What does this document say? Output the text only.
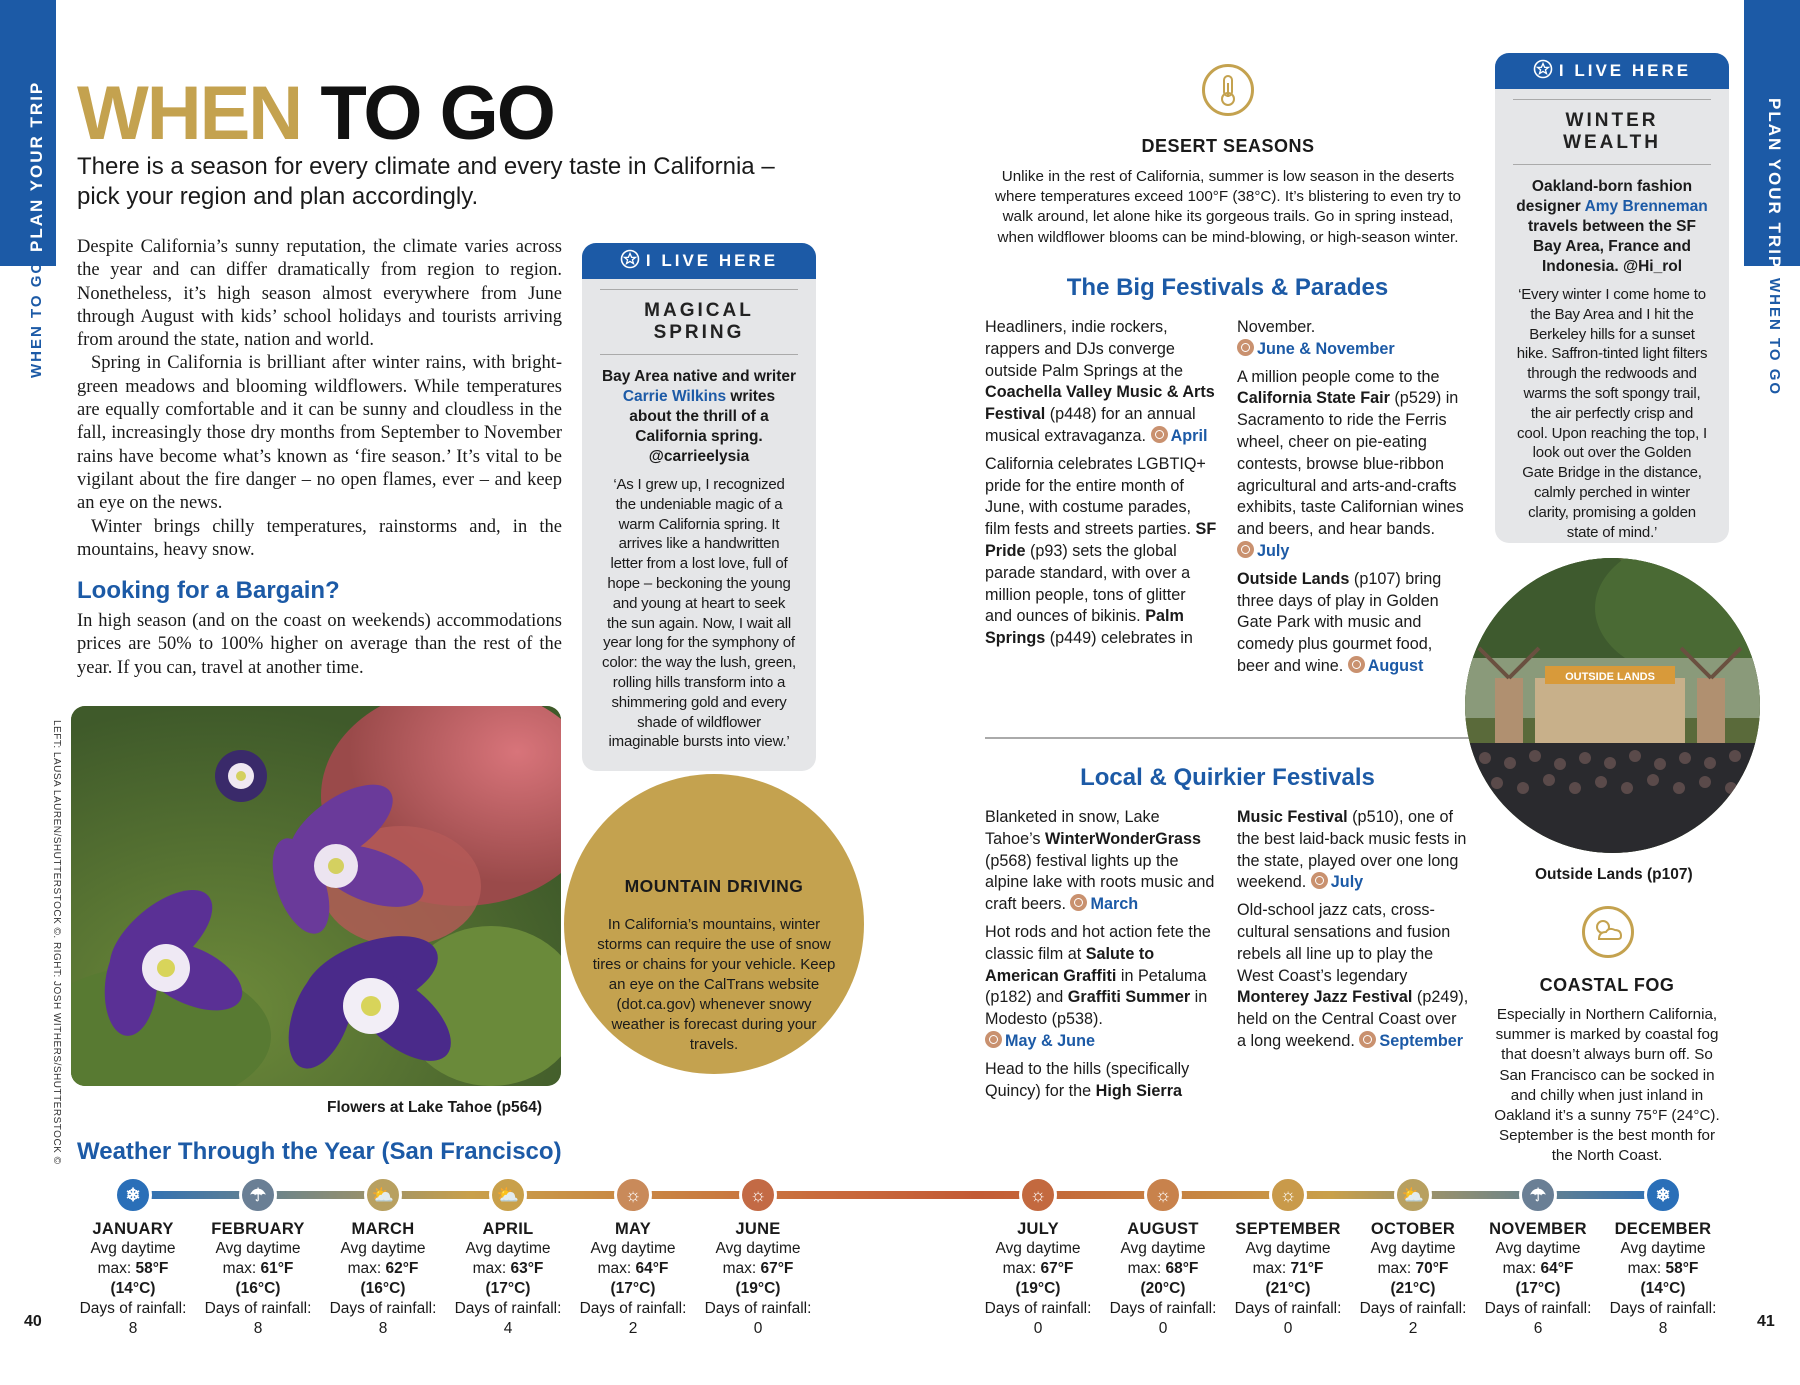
PLAN YOUR TRIP
WHEN TO GO
PLAN YOUR TRIP
WHEN TO GO
WHEN TO GO
There is a season for every climate and every taste in California – pick your region and plan accordingly.

Despite California’s sunny reputation, the climate varies across the year and can differ dramatically from region to region. Nonetheless, it’s high season almost everywhere from June through August with kids’ school holidays and tourists arriving from around the state, nation and world.

Spring in California is brilliant after winter rains, with bright-green meadows and blooming wildflowers. While temperatures are equally comfortable and it can be sunny and cloudless in the fall, increasingly those dry months from September to November rains have become what’s known as ‘fire season.’ It’s vital to be vigilant about the fire danger – no open flames, ever – and keep an eye on the news.

Winter brings chilly temperatures, rainstorms and, in the mountains, heavy snow.

Looking for a Bargain?

In high season (and on the coast on weekends) accommodations prices are 50% to 100% higher on average than the rest of the year. If you can, travel at another time.

I LIVE HERE
MAGICAL SPRING
Bay Area native and writer Carrie Wilkins writes about the thrill of a California spring. @carrieelysia
‘As I grew up, I recognized the undeniable magic of a warm California spring. It arrives like a handwritten letter from a lost love, full of hope – beckoning the young and young at heart to seek the sun again. Now, I wait all year long for the symphony of color: the way the lush, green, rolling hills transform into a shimmering gold and every shade of wildflower imaginable bursts into view.’
I LIVE HERE
WINTER WEALTH
Oakland-born fashion designer Amy Brenneman travels between the SF Bay Area, France and Indonesia. @Hi_rol
‘Every winter I come home to the Bay Area and I hit the Berkeley hills for a sunset hike. Saffron-tinted light filters through the redwoods and warms the soft spongy trail, the air perfectly crisp and cool. Upon reaching the top, I look out over the Golden Gate Bridge in the distance, calmly perched in winter clarity, promising a golden state of mind.’
Flowers at Lake Tahoe (p564)
LEFT: LAUSA LAUREN/SHUTTERSTOCK ©. RIGHT: JOSH WITHERS/SHUTTERSTOCK ©	MOUNTAIN DRIVING
In California’s mountains, winter storms can require the use of snow tires or chains for your vehicle. Keep an eye on the CalTrans website (dot.ca.gov) whenever snowy weather is forecast during your travels.
DESERT SEASONS
Unlike in the rest of California, summer is low season in the deserts where temperatures exceed 100°F (38°C). It’s blistering to even try to walk around, let alone hike its gorgeous trails. Go in spring instead, when wildflower blooms can be mind-blowing, or high-season winter.
The Big Festivals & Parades

Headliners, indie rockers, rappers and DJs converge outside Palm Springs at the Coachella Valley Music & Arts Festival (p448) for an annual musical extravaganza. April

California celebrates LGBTIQ+ pride for the entire month of June, with costume parades, film fests and streets parties. SF Pride (p93) sets the global parade standard, with over a million people, tons of glitter and ounces of bikinis. Palm Springs (p449) celebrates in

November. June & November

A million people come to the California State Fair (p529) in Sacramento to ride the Ferris wheel, cheer on pie-eating contests, browse blue-ribbon agricultural and arts-and-crafts exhibits, taste Californian wines and beers, and hear bands. July

Outside Lands (p107) bring three days of play in Golden Gate Park with music and comedy plus gourmet food, beer and wine. August

Local & Quirkier Festivals

Blanketed in snow, Lake Tahoe’s WinterWonderGrass (p568) festival lights up the alpine lake with roots music and craft beers. March

Hot rods and hot action fete the classic film at Salute to American Graffiti in Petaluma (p182) and Graffiti Summer in Modesto (p538). May & June

Head to the hills (specifically Quincy) for the High Sierra

Music Festival (p510), one of the best laid-back music fests in the state, played over one long weekend. July

Old-school jazz cats, cross-cultural sensations and fusion rebels all line up to play the West Coast’s legendary Monterey Jazz Festival (p249), held on the Central Coast over a long weekend. September

OUTSIDE LANDS
Outside Lands (p107)
COASTAL FOG
Especially in Northern California, summer is marked by coastal fog that doesn’t always burn off. So San Francisco can be socked in and chilly when just inland in Oakland it’s a sunny 75°F (24°C). September is the best month for the North Coast.
Weather Through the Year (San Francisco)
❄
JANUARY
Avg daytime
max: 58°F
(14°C)
Days of rainfall:
8
☂
FEBRUARY
Avg daytime
max: 61°F
(16°C)
Days of rainfall:
8
⛅
MARCH
Avg daytime
max: 62°F
(16°C)
Days of rainfall:
8
⛅
APRIL
Avg daytime
max: 63°F
(17°C)
Days of rainfall:
4
☼
MAY
Avg daytime
max: 64°F
(17°C)
Days of rainfall:
2
☼
JUNE
Avg daytime
max: 67°F
(19°C)
Days of rainfall:
0
☼
JULY
Avg daytime
max: 67°F
(19°C)
Days of rainfall:
0
☼
AUGUST
Avg daytime
max: 68°F
(20°C)
Days of rainfall:
0
☼
SEPTEMBER
Avg daytime
max: 71°F
(21°C)
Days of rainfall:
0
⛅
OCTOBER
Avg daytime
max: 70°F
(21°C)
Days of rainfall:
2
☂
NOVEMBER
Avg daytime
max: 64°F
(17°C)
Days of rainfall:
6
❄
DECEMBER
Avg daytime
max: 58°F
(14°C)
Days of rainfall:
8
40	41
